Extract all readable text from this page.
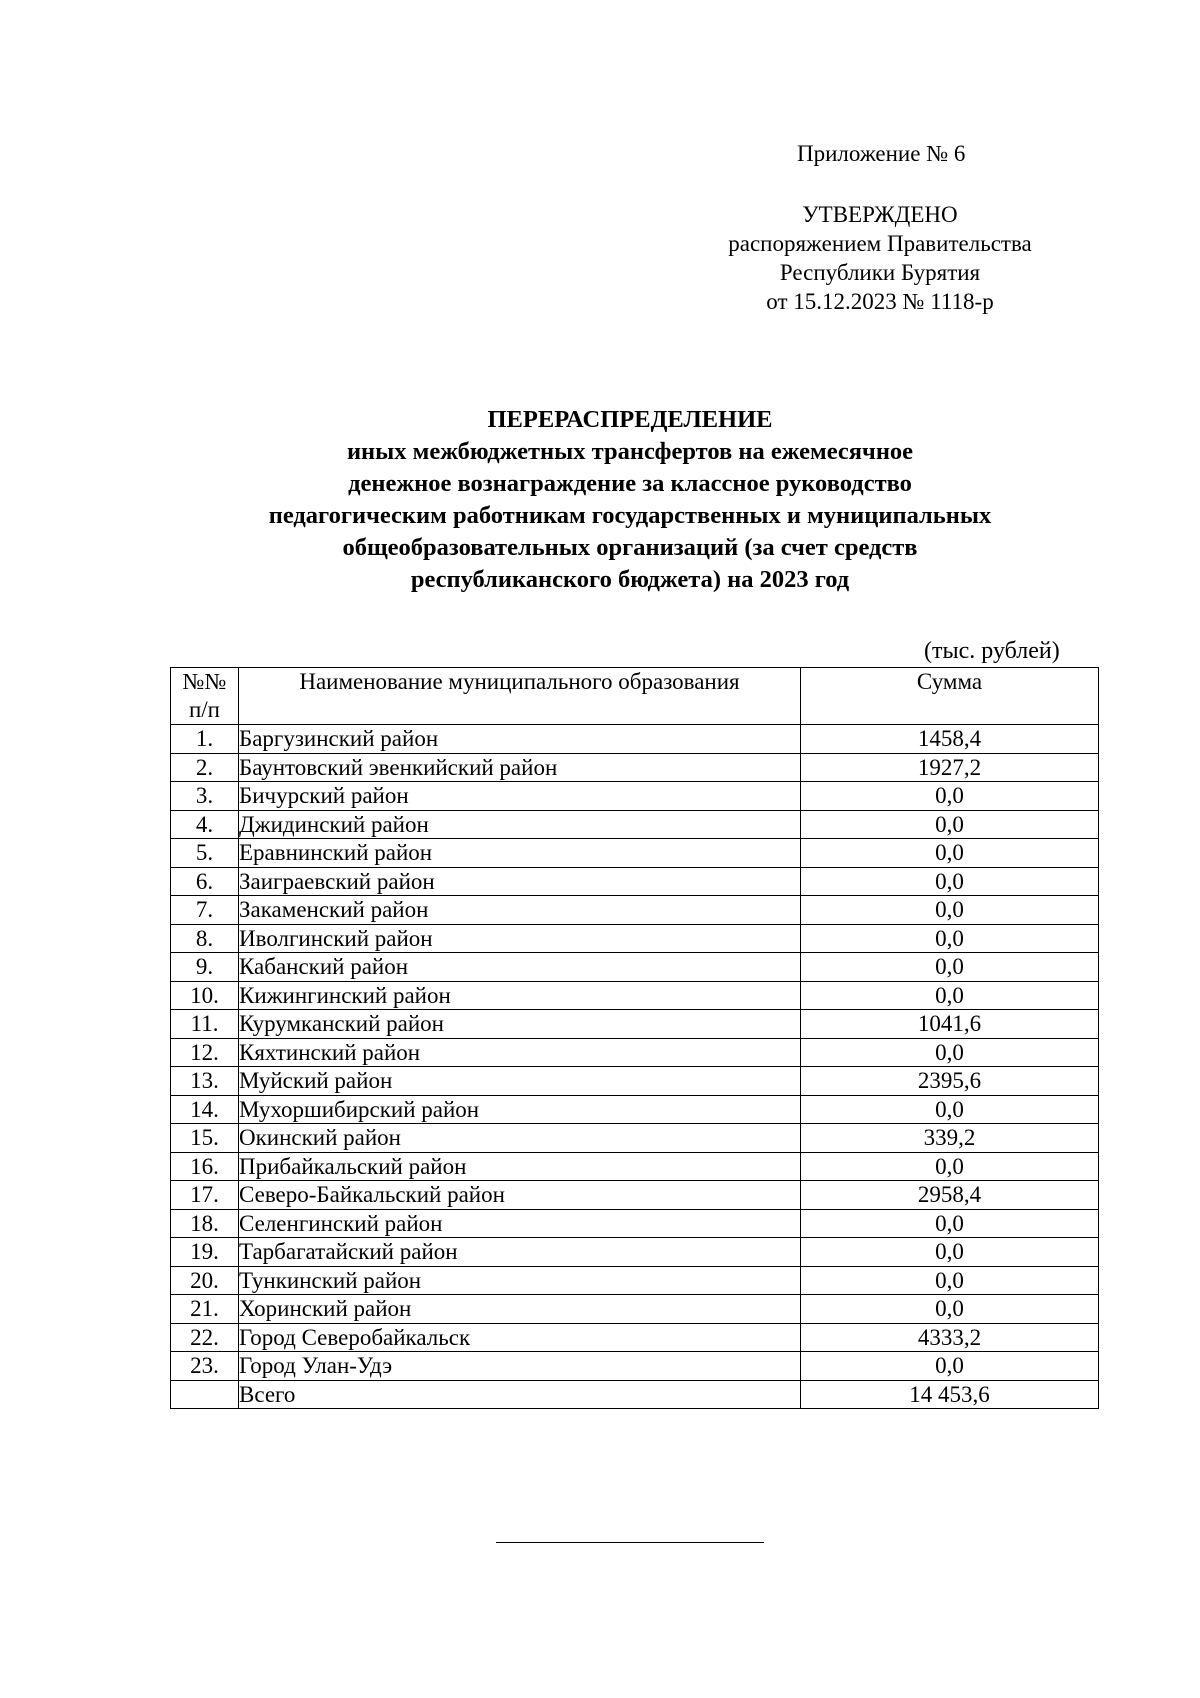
Приложение № 6
УТВЕРЖДЕНО
распоряжением Правительства
Республики Бурятия
от 15.12.2023 № 1118-р
ПЕРЕРАСПРЕДЕЛЕНИЕ
иных межбюджетных трансфертов на ежемесячное
денежное вознаграждение за классное руководство
педагогическим работникам государственных и муниципальных
общеобразовательных организаций (за счет средств
республиканского бюджета) на 2023 год
(тыс. рублей)
№№
п/п	Наименование муниципального образования	Сумма

1.	Баргузинский район	1458,4
2.	Баунтовский эвенкийский район	1927,2
3.	Бичурский район	0,0
4.	Джидинский район	0,0
5.	Еравнинский район	0,0
6.	Заиграевский район	0,0
7.	Закаменский район	0,0
8.	Иволгинский район	0,0
9.	Кабанский район	0,0
10.	Кижингинский район	0,0
11.	Курумканский район	1041,6
12.	Кяхтинский район	0,0
13.	Муйский район	2395,6
14.	Мухоршибирский район	0,0
15.	Окинский район	339,2
16.	Прибайкальский район	0,0
17.	Северо-Байкальский район	2958,4
18.	Селенгинский район	0,0
19.	Тарбагатайский район	0,0
20.	Тункинский район	0,0
21.	Хоринский район	0,0
22.	Город Северобайкальск	4333,2
23.	Город Улан-Удэ	0,0
	Всего	14 453,6
